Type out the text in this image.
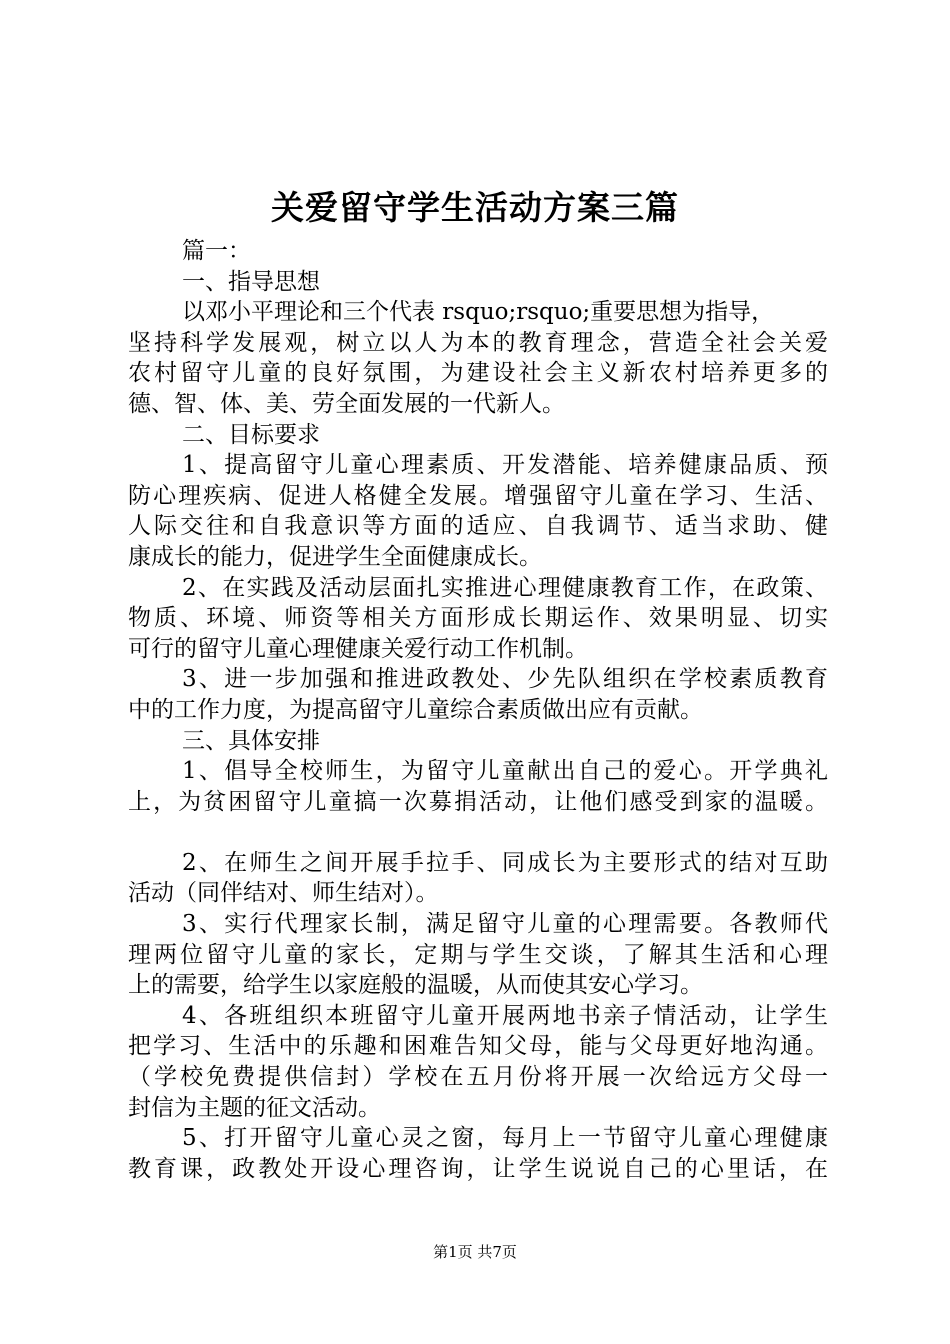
关爱留守学生活动方案三篇
篇一：
一、指导思想
以邓小平理论和三个代表 rsquo;rsquo;重要思想为指导，
坚持科学发展观，树立以人为本的教育理念，营造全社会关爱
农村留守儿童的良好氛围，为建设社会主义新农村培养更多的
德、智、体、美、劳全面发展的一代新人。
二、目标要求
1、提高留守儿童心理素质、开发潜能、培养健康品质、预
防心理疾病、促进人格健全发展。增强留守儿童在学习、生活、
人际交往和自我意识等方面的适应、自我调节、适当求助、健
康成长的能力，促进学生全面健康成长。
2、在实践及活动层面扎实推进心理健康教育工作，在政策、
物质、环境、师资等相关方面形成长期运作、效果明显、切实
可行的留守儿童心理健康关爱行动工作机制。
3、进一步加强和推进政教处、少先队组织在学校素质教育
中的工作力度，为提高留守儿童综合素质做出应有贡献。
三、具体安排
1、倡导全校师生，为留守儿童献出自己的爱心。开学典礼
上，为贫困留守儿童搞一次募捐活动，让他们感受到家的温暖。
2、在师生之间开展手拉手、同成长为主要形式的结对互助
活动（同伴结对、师生结对）。
3、实行代理家长制，满足留守儿童的心理需要。各教师代
理两位留守儿童的家长，定期与学生交谈，了解其生活和心理
上的需要，给学生以家庭般的温暖，从而使其安心学习。
4、各班组织本班留守儿童开展两地书亲子情活动，让学生
把学习、生活中的乐趣和困难告知父母，能与父母更好地沟通。
（学校免费提供信封）学校在五月份将开展一次给远方父母一
封信为主题的征文活动。
5、打开留守儿童心灵之窗，每月上一节留守儿童心理健康
教育课，政教处开设心理咨询，让学生说说自己的心里话，在
第1页 共7页
